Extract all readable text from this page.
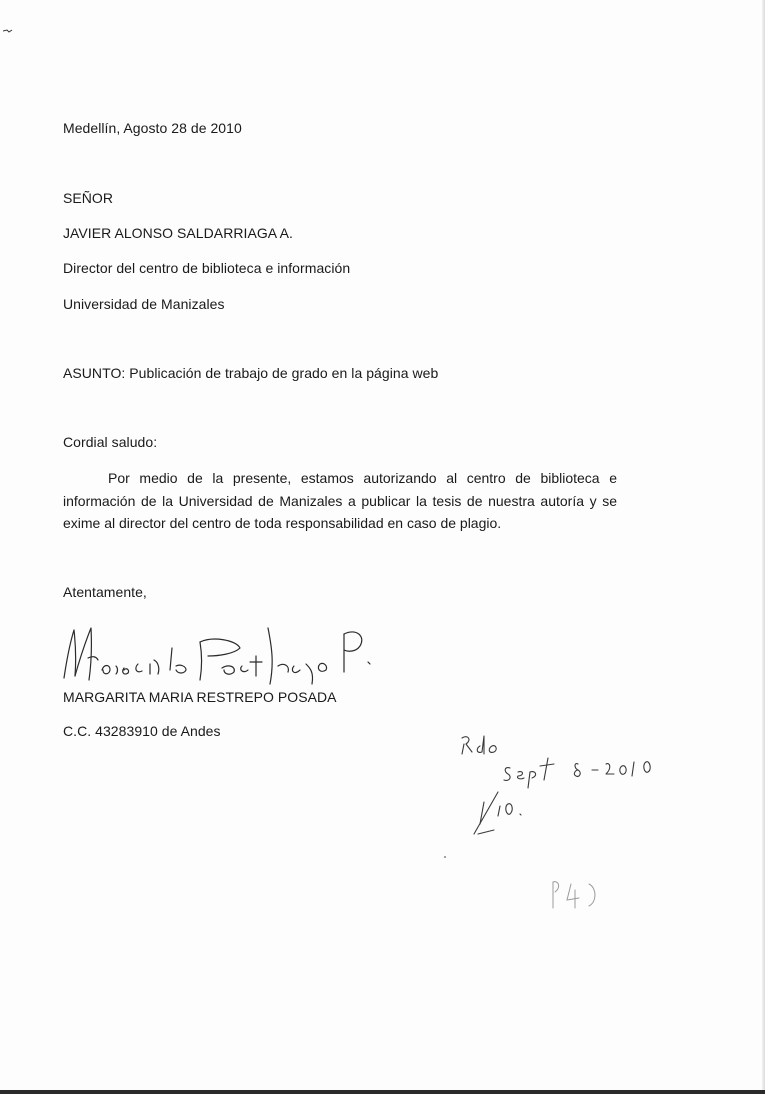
Medellín, Agosto 28 de 2010
SEÑOR
JAVIER ALONSO SALDARRIAGA A.
Director del centro de biblioteca e información
Universidad de Manizales
ASUNTO: Publicación de trabajo de grado en la página web
Cordial saludo:

Por medio de la presente, estamos autorizando al centro de biblioteca e información de la Universidad de Manizales a publicar la tesis de nuestra autoría y se exime al director del centro de toda responsabilidad en caso de plagio.

Atentamente,
MARGARITA MARIA RESTREPO POSADA
C.C. 43283910 de Andes
